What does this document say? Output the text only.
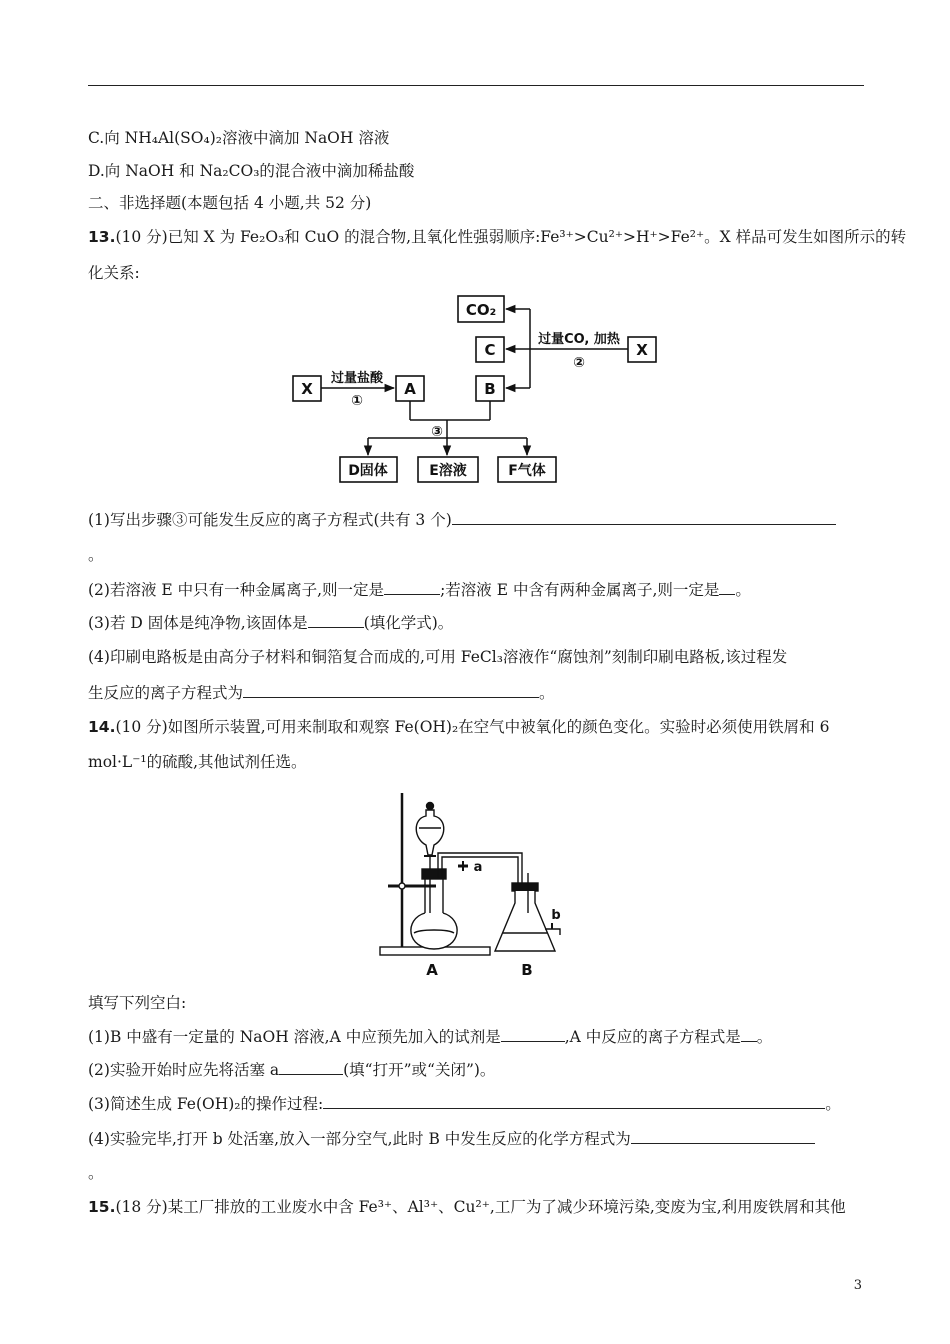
C.向 NH₄Al(SO₄)₂溶液中滴加 NaOH 溶液
D.向 NaOH 和 Na₂CO₃的混合液中滴加稀盐酸
二、非选择题(本题包括 4 小题,共 52 分)
13.(10 分)已知 X 为 Fe₂O₃和 CuO 的混合物,且氧化性强弱顺序:Fe³⁺>Cu²⁺>H⁺>Fe²⁺。X 样品可发生如图所示的转
化关系:
CO₂
C	X
过量CO, 加热
②
X
过量盐酸
①
A	B
③
D固体	E溶液	F气体
(1)写出步骤③可能发生反应的离子方程式(共有 3 个)
。
(2)若溶液 E 中只有一种金属离子,则一定是	;若溶液 E 中含有两种金属离子,则一定是 。
(3)若 D 固体是纯净物,该固体是	(填化学式)。
(4)印刷电路板是由高分子材料和铜箔复合而成的,可用 FeCl₃溶液作“腐蚀剂”刻制印刷电路板,该过程发
生反应的离子方程式为	。
14.(10 分)如图所示装置,可用来制取和观察 Fe(OH)₂在空气中被氧化的颜色变化。实验时必须使用铁屑和 6
mol·L⁻¹的硫酸,其他试剂任选。
a
b
A	B
填写下列空白:
(1)B 中盛有一定量的 NaOH 溶液,A 中应预先加入的试剂是	,A 中反应的离子方程式是 。
(2)实验开始时应先将活塞 a	(填“打开”或“关闭”)。
(3)简述生成 Fe(OH)₂的操作过程:	。
(4)实验完毕,打开 b 处活塞,放入一部分空气,此时 B 中发生反应的化学方程式为
。
15.(18 分)某工厂排放的工业废水中含 Fe³⁺、Al³⁺、Cu²⁺,工厂为了减少环境污染,变废为宝,利用废铁屑和其他
3
